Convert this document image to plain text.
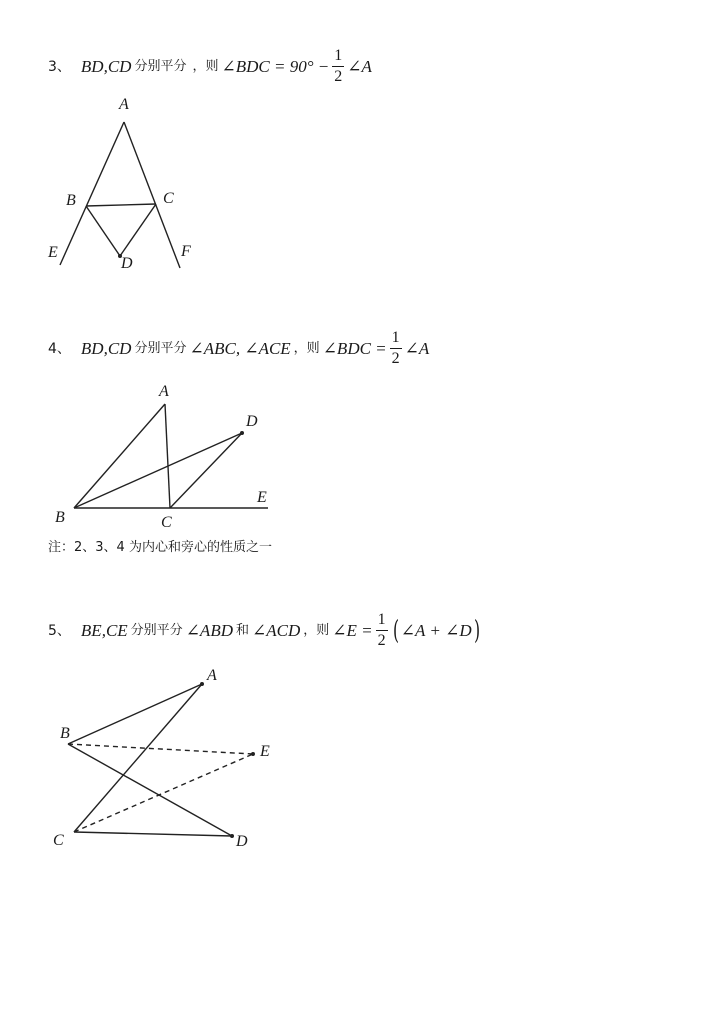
3、 BD,CD 分别平分 ，则 ∠BDC = $90^\circ - \frac{1}{2}$ ∠A
A
B	C
D
E	F
4、 BD,CD 分别平分 ∠ABC, ∠ACE ，则 ∠BDC = $\frac{1}{2}$ ∠A
A
B	C
D
E
注：2、3、4 为内心和旁心的性质之一
5、 BE,CE 分别平分 ∠ABD 和 ∠ACD ，则 ∠E = $\frac{1}{2}$ ( ∠A + ∠D )
A
B
C	D
E
